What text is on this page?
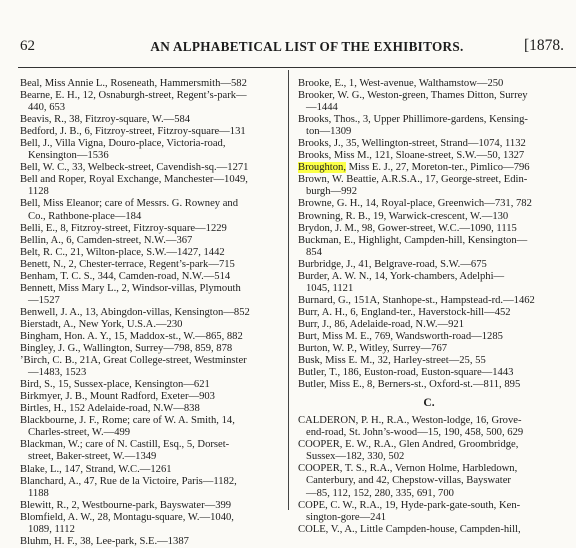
62	AN ALPHABETICAL LIST OF THE EXHIBITORS.	[1878.
Beal, Miss Annie L., Roseneath, Hammersmith—582
Bearne, E. H., 12, Osnaburgh-street, Regent’s-park—
440, 653
Beavis, R., 38, Fitzroy-square, W.—584
Bedford, J. B., 6, Fitzroy-street, Fitzroy-square—131
Bell, J., Villa Vigna, Douro-place, Victoria-road,
Kensington—1536
Bell, W. C., 33, Welbeck-street, Cavendish-sq.—1271
Bell and Roper, Royal Exchange, Manchester—1049,
1128
Bell, Miss Eleanor; care of Messrs. G. Rowney and
Co., Rathbone-place—184
Belli, E., 8, Fitzroy-street, Fitzroy-square—1229
Bellin, A., 6, Camden-street, N.W.—367
Belt, R. C., 21, Wilton-place, S.W.—1427, 1442
Benett, N., 2, Chester-terrace, Regent’s-park—715
Benham, T. C. S., 344, Camden-road, N.W.—514
Bennett, Miss Mary L., 2, Windsor-villas, Plymouth
—1527
Benwell, J. A., 13, Abingdon-villas, Kensington—852
Bierstadt, A., New York, U.S.A.—230
Bingham, Hon. A. Y., 15, Maddox-st., W.—865, 882
Bingley, J. G., Wallington, Surrey—798, 859, 878
’Birch, C. B., 21A, Great College-street, Westminster
—1483, 1523
Bird, S., 15, Sussex-place, Kensington—621
Birkmyer, J. B., Mount Radford, Exeter—903
Birtles, H., 152 Adelaide-road, N.W—838
Blackbourne, J. F., Rome; care of W. A. Smith, 14,
Charles-street, W.—499
Blackman, W.; care of N. Castill, Esq., 5, Dorset-
street, Baker-street, W.—1349
Blake, L., 147, Strand, W.C.—1261
Blanchard, A., 47, Rue de la Victoire, Paris—1182,
1188
Blewitt, R., 2, Westbourne-park, Bayswater—399
Blomfield, A. W., 28, Montagu-square, W.—1040,
1089, 1112
Bluhm, H. F., 38, Lee-park, S.E.—1387
Brooke, E., 1, West-avenue, Walthamstow—250
Brooker, W. G., Weston-green, Thames Ditton, Surrey
—1444
Brooks, Thos., 3, Upper Phillimore-gardens, Kensing-
ton—1309
Brooks, J., 35, Wellington-street, Strand—1074, 1132
Brooks, Miss M., 121, Sloane-street, S.W.—50, 1327
Broughton, Miss E. J., 27, Moreton-ter., Pimlico—796
Brown, W. Beattie, A.R.S.A., 17, George-street, Edin-
burgh—992
Browne, G. H., 14, Royal-place, Greenwich—731, 782
Browning, R. B., 19, Warwick-crescent, W.—130
Brydon, J. M., 98, Gower-street, W.C.—1090, 1115
Buckman, E., Highlight, Campden-hill, Kensington—
854
Burbridge, J., 41, Belgrave-road, S.W.—675
Burder, A. W. N., 14, York-chambers, Adelphi—
1045, 1121
Burnard, G., 151A, Stanhope-st., Hampstead-rd.—1462
Burr, A. H., 6, England-ter., Haverstock-hill—452
Burr, J., 86, Adelaide-road, N.W.—921
Burt, Miss M. E., 769, Wandsworth-road—1285
Burton, W. P., Witley, Surrey—767
Busk, Miss E. M., 32, Harley-street—25, 55
Butler, T., 186, Euston-road, Euston-square—1443
Butler, Miss E., 8, Berners-st., Oxford-st.—811, 895
C.
CALDERON, P. H., R.A., Weston-lodge, 16, Grove-
end-road, St. John’s-wood—15, 190, 458, 500, 629
COOPER, E. W., R.A., Glen Andred, Groombridge,
Sussex—182, 330, 502
COOPER, T. S., R.A., Vernon Holme, Harbledown,
Canterbury, and 42, Chepstow-villas, Bayswater
—85, 112, 152, 280, 335, 691, 700
COPE, C. W., R.A., 19, Hyde-park-gate-south, Ken-
sington-gore—241
COLE, V., A., Little Campden-house, Campden-hill,
